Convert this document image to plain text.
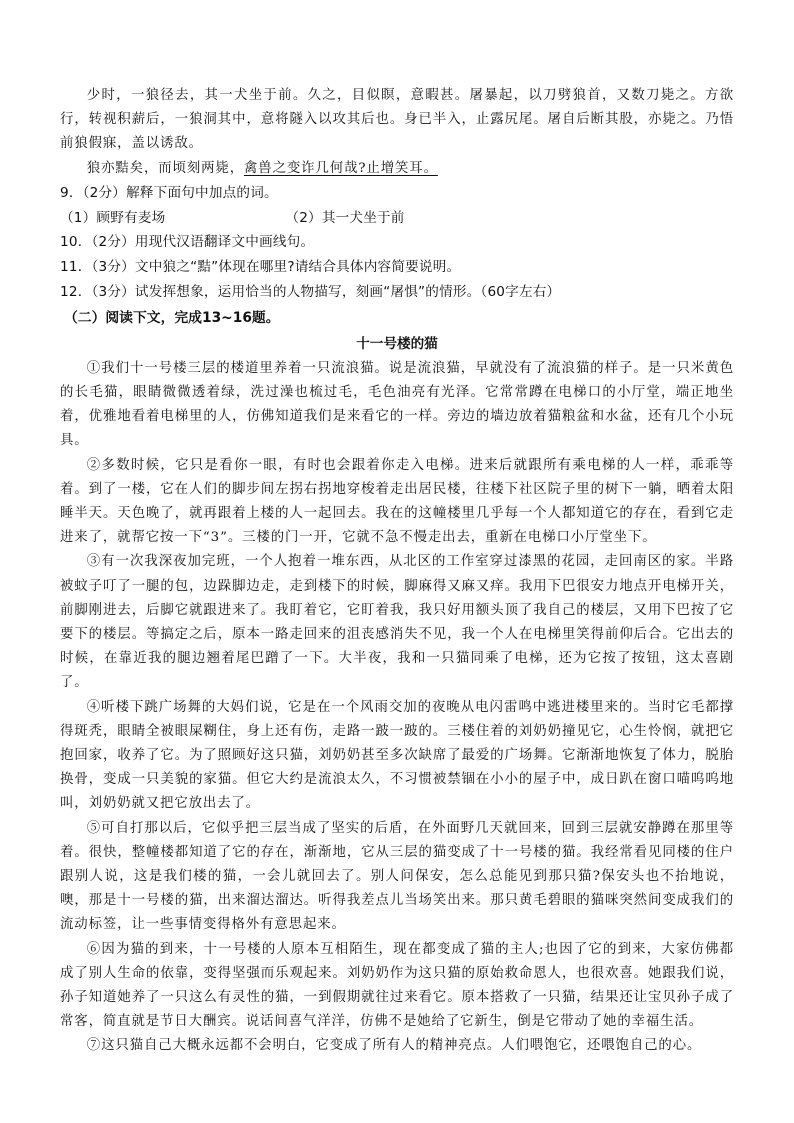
少时，一狼径去，其一犬坐于前。久之，目似瞑，意暇甚。屠暴起，以刀劈狼首，又数刀毙之。方欲行，转视积薪后，一狼洞其中，意将隧入以攻其后也。身已半入，止露尻尾。屠自后断其股，亦毙之。乃悟前狼假寐，盖以诱敌。

狼亦黠矣，而顷刻两毙，禽兽之变诈几何哉?止增笑耳。

9．（2分）解释下面句中加点的词。

（1）顾野有麦场	（2）其一犬坐于前

10．（2分）用现代汉语翻译文中画线句。

11．（3分）文中狼之“黠”体现在哪里?请结合具体内容简要说明。

12．（3分）试发挥想象，运用恰当的人物描写，刻画“屠惧”的情形。（60字左右）

（二）阅读下文，完成13~16题。

十一号楼的猫

①我们十一号楼三层的楼道里养着一只流浪猫。说是流浪猫，早就没有了流浪猫的样子。是一只米黄色的长毛猫，眼睛微微透着绿，洗过澡也梳过毛，毛色油亮有光泽。它常常蹲在电梯口的小厅堂，端正地坐着，优雅地看着电梯里的人，仿佛知道我们是来看它的一样。旁边的墙边放着猫粮盆和水盆，还有几个小玩具。

②多数时候，它只是看你一眼，有时也会跟着你走入电梯。进来后就跟所有乘电梯的人一样，乖乖等着。到了一楼，它在人们的脚步间左拐右拐地穿梭着走出居民楼，往楼下社区院子里的树下一躺，晒着太阳睡半天。天色晚了，就再跟着上楼的人一起回去。我在的这幢楼里几乎每一个人都知道它的存在，看到它走进来了，就帮它按一下“3”。三楼的门一开，它就不急不慢走出去，重新在电梯口小厅堂坐下。

③有一次我深夜加完班，一个人抱着一堆东西，从北区的工作室穿过漆黑的花园，走回南区的家。半路被蚊子叮了一腿的包，边跺脚边走，走到楼下的时候，脚麻得又麻又痒。我用下巴很安力地点开电梯开关，前脚刚进去，后脚它就跟进来了。我盯着它，它盯着我，我只好用额头顶了我自己的楼层，又用下巴按了它要下的楼层。等搞定之后，原本一路走回来的沮丧感消失不见，我一个人在电梯里笑得前仰后合。它出去的时候，在靠近我的腿边翘着尾巴蹭了一下。大半夜，我和一只猫同乘了电梯，还为它按了按钮，这太喜剧了。

④听楼下跳广场舞的大妈们说，它是在一个风雨交加的夜晚从电闪雷鸣中逃进楼里来的。当时它毛都撑得斑秃，眼睛全被眼屎糊住，身上还有伤，走路一跛一跛的。三楼住着的刘奶奶撞见它，心生怜悯，就把它抱回家，收养了它。为了照顾好这只猫，刘奶奶甚至多次缺席了最爱的广场舞。它渐渐地恢复了体力，脱胎换骨，变成一只美貌的家猫。但它大约是流浪太久，不习惯被禁锢在小小的屋子中，成日趴在窗口喵呜呜地叫，刘奶奶就又把它放出去了。

⑤可自打那以后，它似乎把三层当成了坚实的后盾，在外面野几天就回来，回到三层就安静蹲在那里等着。很快，整幢楼都知道了它的存在，渐渐地，它从三层的猫变成了十一号楼的猫。我经常看见同楼的住户跟别人说，这是我们楼的猫，一会儿就回去了。别人问保安，怎么总能见到那只猫?保安头也不抬地说，噢，那是十一号楼的猫，出来溜达溜达。听得我差点儿当场笑出来。那只黄毛碧眼的猫咪突然间变成我们的流动标签，让一些事情变得格外有意思起来。

⑥因为猫的到来，十一号楼的人原本互相陌生，现在都变成了猫的主人;也因了它的到来，大家仿佛都成了别人生命的依靠，变得坚强而乐观起来。刘奶奶作为这只猫的原始救命恩人，也很欢喜。她跟我们说，孙子知道她养了一只这么有灵性的猫，一到假期就往过来看它。原本搭救了一只猫，结果还让宝贝孙子成了常客，简直就是节日大酬宾。说话间喜气洋洋，仿佛不是她给了它新生，倒是它带动了她的幸福生活。

⑦这只猫自己大概永远都不会明白，它变成了所有人的精神亮点。人们喂饱它，还喂饱自己的心。
